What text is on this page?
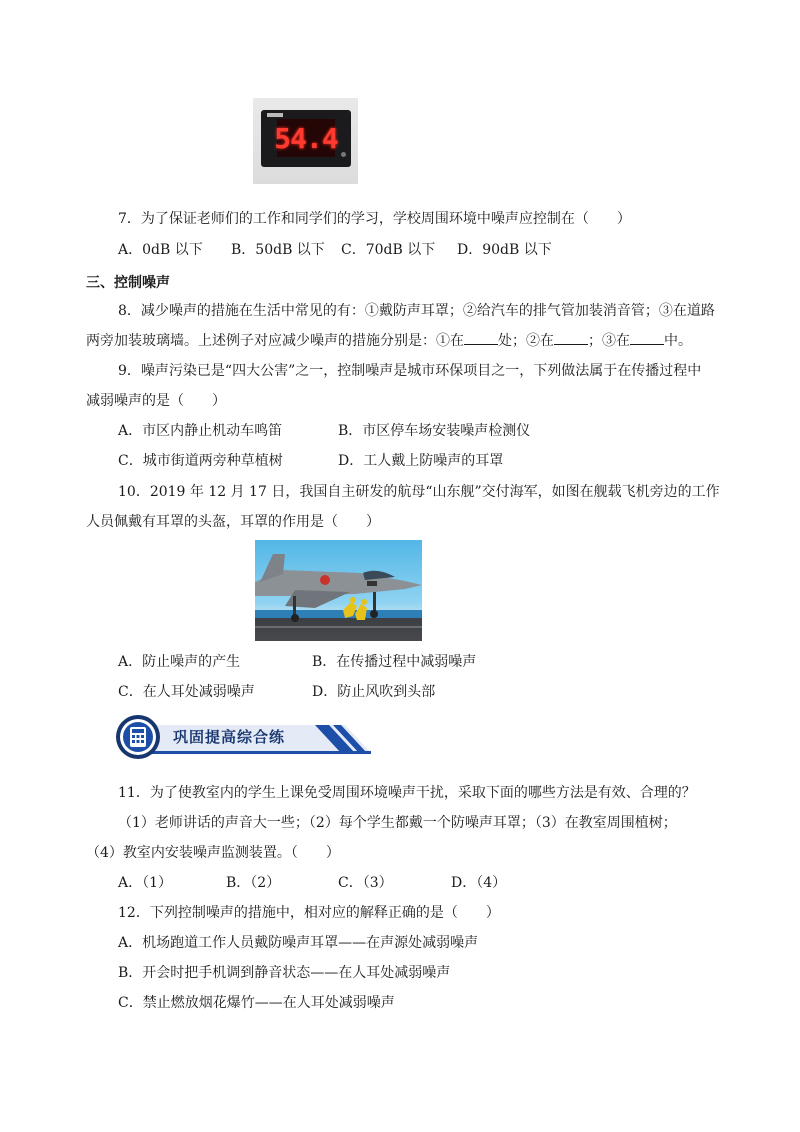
54.4
7．为了保证老师们的工作和同学们的学习，学校周围环境中噪声应控制在（　　）
A．0dB 以下 B．50dB 以下 C．70dB 以下 D．90dB 以下
三、控制噪声
8．减少噪声的措施在生活中常见的有：①戴防声耳罩；②给汽车的排气管加装消音管；③在道路
两旁加装玻璃墙。上述例子对应减少噪声的措施分别是：①在 处；②在 ；③在 中。
9．噪声污染已是“四大公害”之一，控制噪声是城市环保项目之一，下列做法属于在传播过程中
减弱噪声的是（　　）
A．市区内静止机动车鸣笛	B．市区停车场安装噪声检测仪
C．城市街道两旁种草植树	D．工人戴上防噪声的耳罩
10．2019 年 12 月 17 日，我国自主研发的航母“山东舰”交付海军，如图在舰载飞机旁边的工作
人员佩戴有耳罩的头盔，耳罩的作用是（　　）
A．防止噪声的产生	B．在传播过程中减弱噪声
C．在人耳处减弱噪声	D．防止风吹到头部
巩固提高综合练
11．为了使教室内的学生上课免受周围环境噪声干扰，采取下面的哪些方法是有效、合理的？
（1）老师讲话的声音大一些；（2）每个学生都戴一个防噪声耳罩；（3）在教室周围植树；
（4）教室内安装噪声监测装置。（　　）
A．（1）	B．（2）	C．（3）	D．（4）
12．下列控制噪声的措施中，相对应的解释正确的是（　　）
A．机场跑道工作人员戴防噪声耳罩——在声源处减弱噪声
B．开会时把手机调到静音状态——在人耳处减弱噪声
C．禁止燃放烟花爆竹——在人耳处减弱噪声
